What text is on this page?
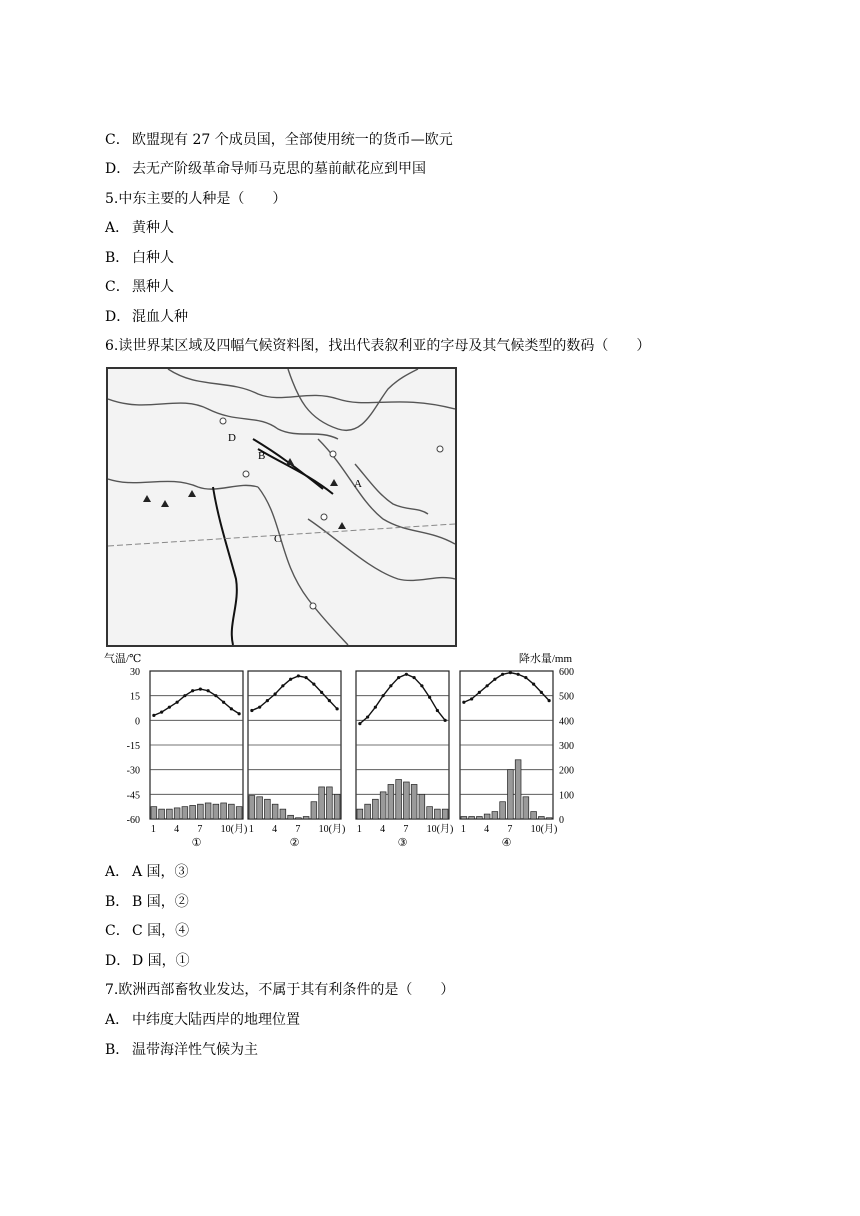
C． 欧盟现有 27 个成员国，全部使用统一的货币—欧元
D． 去无产阶级革命导师马克思的墓前献花应到甲国
5.中东主要的人种是（　　）
A． 黄种人
B． 白种人
C． 黑种人
D． 混血人种
6.读世界某区域及四幅气候资料图，找出代表叙利亚的字母及其气候类型的数码（　　）
D
B
A
C
气温/℃	降水量/mm
30
15
0
-15
-30
-45
-60
600
500
400
300
200
100
0
1 4 7 10(月)
①
1 4 7 10(月)
②
1 4 7 10(月)
③
1 4 7 10(月)
④
A． A 国，③
B． B 国，②
C． C 国，④
D． D 国，①
7.欧洲西部畜牧业发达，不属于其有利条件的是（　　）
A． 中纬度大陆西岸的地理位置
B． 温带海洋性气候为主
